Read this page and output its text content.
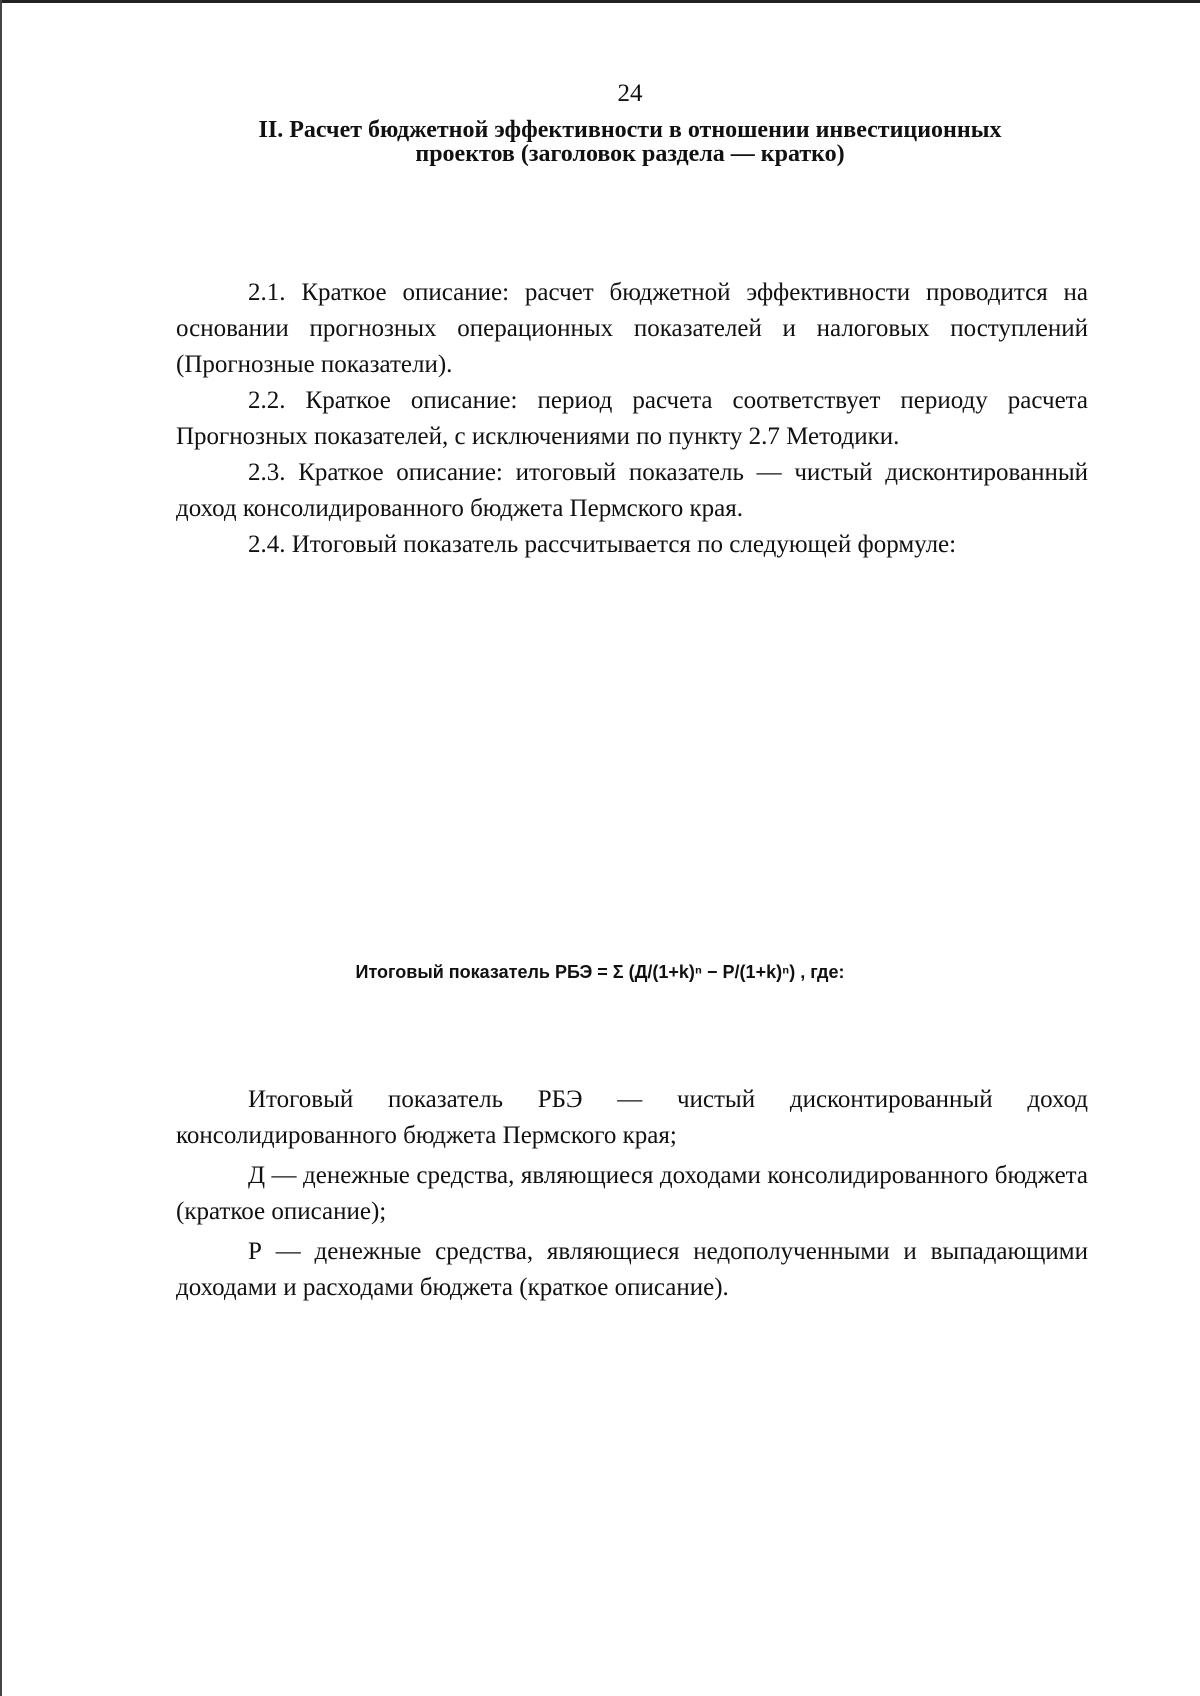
24
II. Расчет бюджетной эффективности в отношении инвестиционных
проектов (заголовок раздела — кратко)

2.1. Краткое описание: расчет бюджетной эффективности проводится на основании прогнозных операционных показателей и налоговых поступлений (Прогнозные показатели).

2.2. Краткое описание: период расчета соответствует периоду расчета Прогнозных показателей, с исключениями по пункту 2.7 Методики.

2.3. Краткое описание: итоговый показатель — чистый дисконтированный доход консолидированного бюджета Пермского края.

2.4. Итоговый показатель рассчитывается по следующей формуле:

Итоговый показатель РБЭ = Σ (Д/(1+k)ⁿ − Р/(1+k)ⁿ) , где:

Итоговый показатель РБЭ — чистый дисконтированный доход консолидированного бюджета Пермского края;

Д — денежные средства, являющиеся доходами консолидированного бюджета (краткое описание);

Р — денежные средства, являющиеся недополученными и выпадающими доходами и расходами бюджета (краткое описание).
